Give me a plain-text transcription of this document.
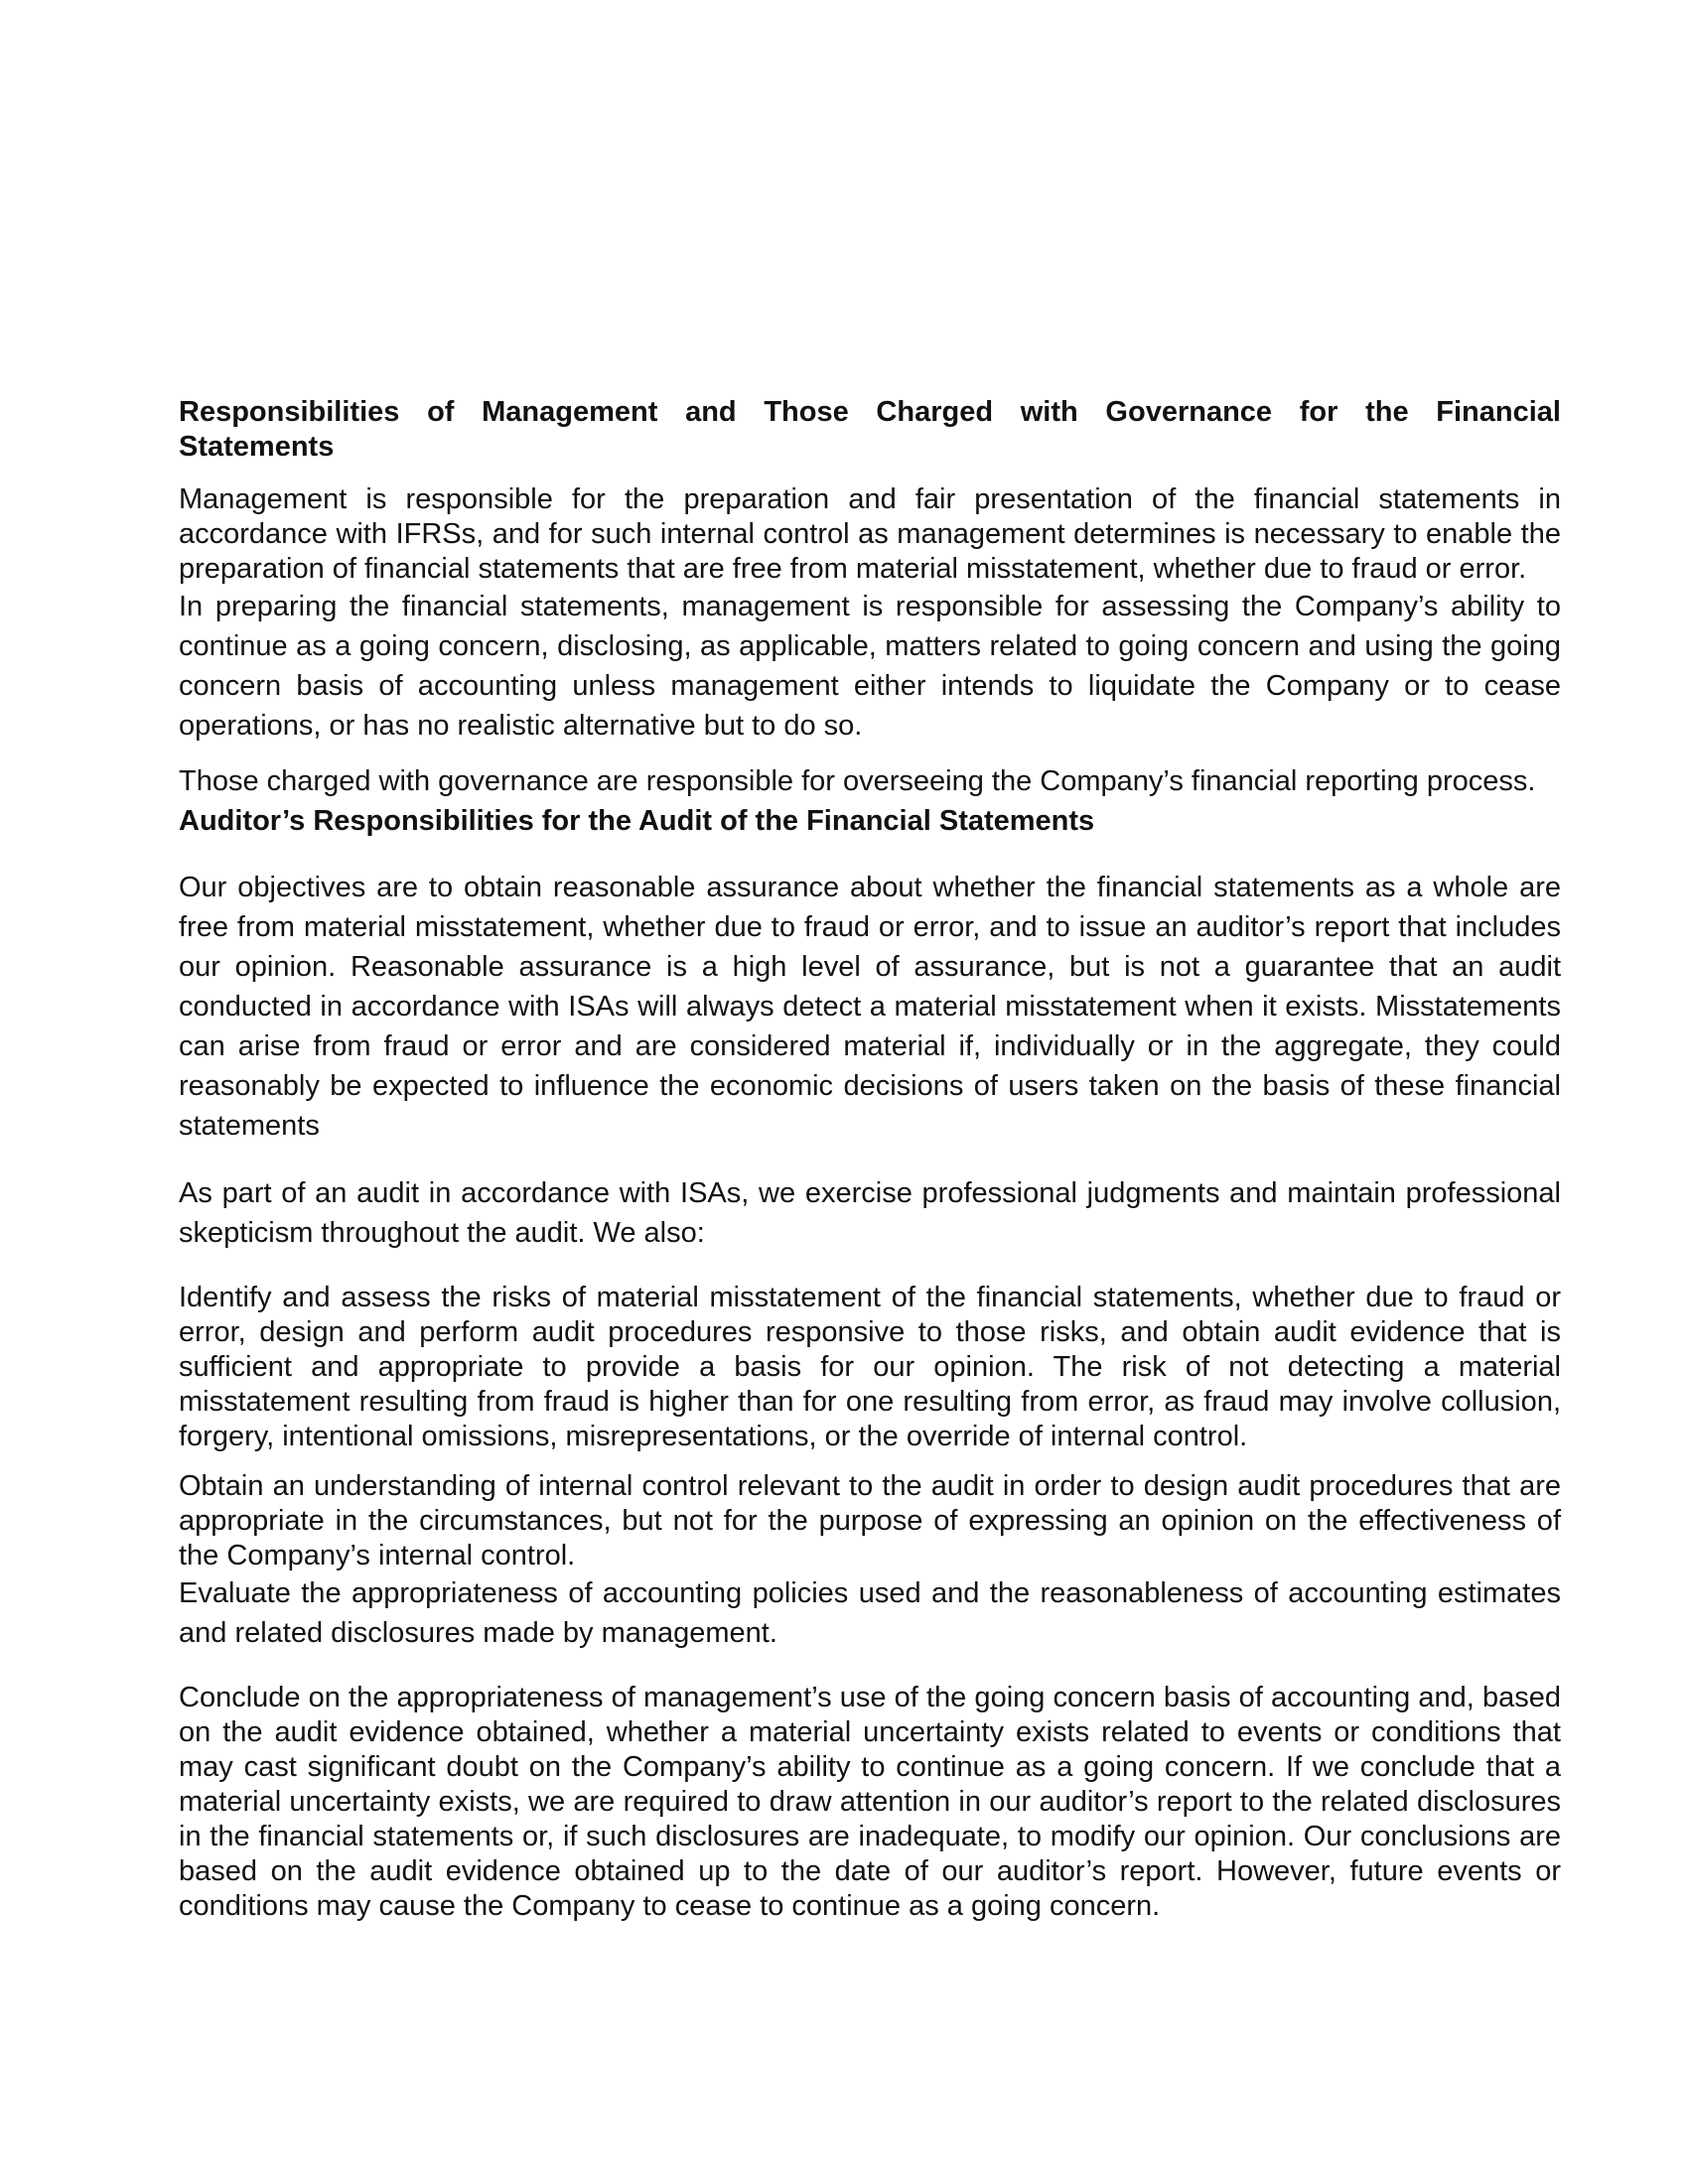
Responsibilities of Management and Those Charged with Governance for the Financial Statements

Management is responsible for the preparation and fair presentation of the financial statements in accordance with IFRSs, and for such internal control as management determines is necessary to enable the preparation of financial statements that are free from material misstatement, whether due to fraud or error.

In preparing the financial statements, management is responsible for assessing the Company’s ability to continue as a going concern, disclosing, as applicable, matters related to going concern and using the going concern basis of accounting unless management either intends to liquidate the Company or to cease operations, or has no realistic alternative but to do so.

Those charged with governance are responsible for overseeing the Company’s financial reporting process.

Auditor’s Responsibilities for the Audit of the Financial Statements

Our objectives are to obtain reasonable assurance about whether the financial statements as a whole are free from material misstatement, whether due to fraud or error, and to issue an auditor’s report that includes our opinion. Reasonable assurance is a high level of assurance, but is not a guarantee that an audit conducted in accordance with ISAs will always detect a material misstatement when it exists. Misstatements can arise from fraud or error and are considered material if, individually or in the aggregate, they could reasonably be expected to influence the economic decisions of users taken on the basis of these financial statements

As part of an audit in accordance with ISAs, we exercise professional judgments and maintain professional skepticism throughout the audit. We also:

Identify and assess the risks of material misstatement of the financial statements, whether due to fraud or error, design and perform audit procedures responsive to those risks, and obtain audit evidence that is sufficient and appropriate to provide a basis for our opinion. The risk of not detecting a material misstatement resulting from fraud is higher than for one resulting from error, as fraud may involve collusion, forgery, intentional omissions, misrepresentations, or the override of internal control.

Obtain an understanding of internal control relevant to the audit in order to design audit procedures that are appropriate in the circumstances, but not for the purpose of expressing an opinion on the effectiveness of the Company’s internal control.

Evaluate the appropriateness of accounting policies used and the reasonableness of accounting estimates and related disclosures made by management.

Conclude on the appropriateness of management’s use of the going concern basis of accounting and, based on the audit evidence obtained, whether a material uncertainty exists related to events or conditions that may cast significant doubt on the Company’s ability to continue as a going concern. If we conclude that a material uncertainty exists, we are required to draw attention in our auditor’s report to the related disclosures in the financial statements or, if such disclosures are inadequate, to modify our opinion. Our conclusions are based on the audit evidence obtained up to the date of our auditor’s report. However, future events or conditions may cause the Company to cease to continue as a going concern.
